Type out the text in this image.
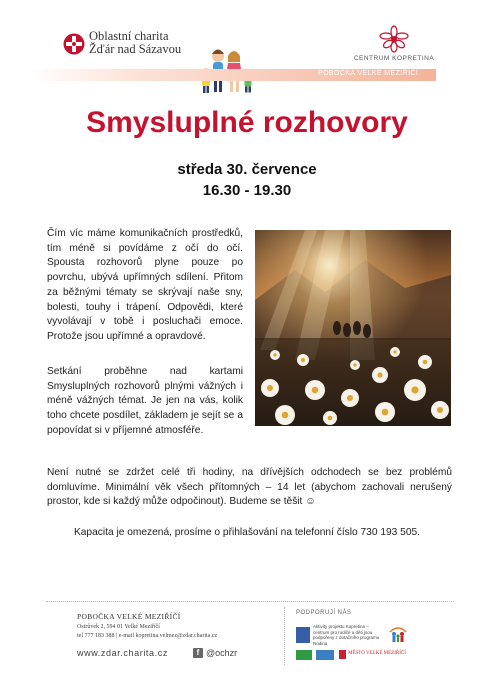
Oblastní charita
Žďár nad Sázavou
CENTRUM KOPRETINA
POBOČKA VELKÉ MEZIŘÍČÍ
Smysluplné rozhovory
středa 30. července
16.30 - 19.30
Čím víc máme komunikačních prostředků, tím méně si povídáme z očí do očí. Spousta rozhovorů plyne pouze po povrchu, ubývá upřímných sdílení. Přitom za běžnými tématy se skrývají naše sny, bolesti, touhy i trápení. Odpovědi, které vyvolávají v tobě i posluchači emoce. Protože jsou upřímné a opravdové.
Setkání proběhne nad kartami Smysluplných rozhovorů plnými vážných i méně vážných témat. Je jen na vás, kolik toho chcete posdílet, základem je sejít se a popovídat si v příjemné atmosféře.
Není nutné se zdržet celé tři hodiny, na dřívějších odchodech se bez problémů domluvíme. Minimální věk všech přítomných – 14 let (abychom zachovali nerušený prostor, kde si každý může odpočinout). Budeme se těšit ☺
Kapacita je omezená, prosíme o přihlašování na telefonní číslo 730 193 505.
POBOČKA VELKÉ MEZIŘÍČÍ
Ostrůvek 2, 594 01 Velké Meziříčí
tel 777 183 388 | e-mail kopretina.velmez@zdar.charita.cz
www.zdar.charita.cz	f @ochzr
PODPORUJÍ NÁS
Aktivity projektu Kopretina – centrum pro rodiče a děti jsou podpořeny z dotačního programu Rodina
MĚSTO VELKÉ MEZIŘÍČÍ
